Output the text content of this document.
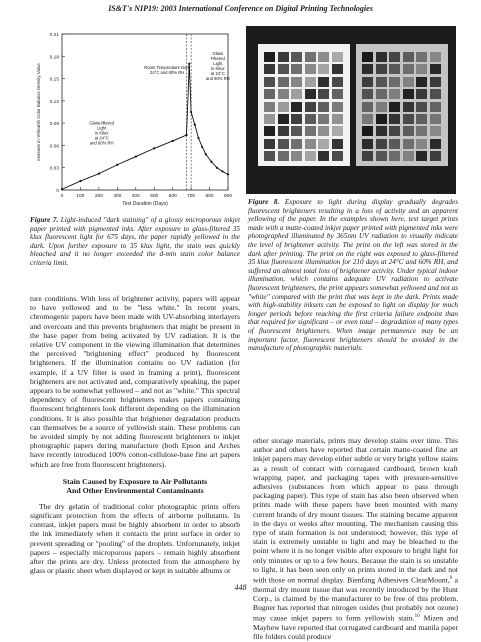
IS&T's NIP19: 2003 International Conference on Digital Printing Technologies
0
0.03
0.06
0.09
0.12
0.15
0.18
0.21
0	100 200 300 400 500 600 700 800 900
Test Duration (Days)
Increase in Yellowish Color Balance Density Value	Glass-filtered Light in Kilux at 24°C and 60% RH
Room Temperature Dark 24°C and 60% RH
Glass Filtered Light in Kilux at 24°C and 60% RH
Figure 7. Light-induced "dark staining" of a glossy microporous inkjet paper printed with pigmented inks. After exposure to glass-filtered 35 klux fluorescent light for 675 days, the paper rapidly yellowed in the dark. Upon further exposure to 35 klux light, the stain was quickly bleached and it no longer exceeded the d-min stain color balance criteria limit.
Figure 8. Exposure to light during display gradually degrades fluorescent brighteners resulting in a loss of activity and an apparent yellowing of the paper. In the examples shown here, test target prints made with a matte-coated inkjet paper printed with pigmented inks were photographed illuminated by 365nm UV radiation to visually indicate the level of brightener activity. The print on the left was stored in the dark after printing. The print on the right was exposed to glass-filtered 35 klux fluorescent illumination for 210 days at 24°C and 60% RH, and suffered an almost total loss of brightener activity. Under typical indoor illumination, which contains adequate UV radiation to activate fluorescent brighteners, the print appears somewhat yellowed and not as "white" compared with the print that was kept in the dark. Prints made with high-stability inksets can be exposed to light on display for much longer periods before reaching the first criteria failure endpoint than that required for significant – or even total – degradation of many types of fluorescent brighteners. When image permanence may be an important factor, fluorescent brighteners should be avoided in the manufacture of photographic materials.

ture conditions. With loss of brightener activity, papers will appear to have yellowed and to be "less white." In recent years, chromogenic papers have been made with UV-absorbing interlayers and overcoats and this prevents brighteners that might be present in the base paper from being activated by UV radiation. It is the relative UV component in the viewing illumination that determines the perceived "brightening effect" produced by fluorescent brighteners. If the illumination contains no UV radiation (for example, if a UV filter is used in framing a print), fluorescent brighteners are not activated and, comparatively speaking, the paper appears to be somewhat yellowed – and not as "white." This spectral dependency of fluorescent brighteners makes papers containing fluorescent brighteners look different depending on the illumination conditions. It is also possible that brightener degradation products can themselves be a source of yellowish stain. These problems can be avoided simply by not adding fluorescent brighteners to inkjet photographic papers during manufacture (both Epson and Arches have recently introduced 100% cotton-cellulose-base fine art papers which are free from fluorescent brighteners).

Stain Caused by Exposure to Air Pollutants
And Other Environmental Contaminants

The dry gelatin of traditional color photographic prints offers significant protection from the effects of airborne pollutants. In contrast, inkjet papers must be highly absorbent in order to absorb the ink immediately when it contacts the print surface in order to prevent spreading or "pooling" of the droplets. Unfortunately, inkjet papers – especially microporous papers – remain highly absorbent after the prints are dry. Unless protected from the atmosphere by glass or plastic sheet when displayed or kept in suitable albums or

other storage materials, prints may develop stains over time. This author and others have reported that certain matte-coated fine art inkjet papers may develop either subtle or very bright yellow stains as a result of contact with corrugated cardboard, brown kraft wrapping paper, and packaging tapes with pressure-sensitive adhesives (substances from which appear to pass through packaging paper). This type of stain has also been observed when prints made with these papers have been mounted with many current brands of dry mount tissues. The staining became apparent in the days or weeks after mounting. The mechanism causing this type of stain formation is not understood; however, this type of stain is extremely unstable to light and may be bleached to the point where it is no longer visible after exposure to bright light for only minutes or up to a few hours. Because the stain is so unstable to light, it has been seen only on prints stored in the dark and not with those on normal display. Bienfang Adhesives ClearMount,$^9$ a thermal dry mount tissue that was recently introduced by the Hunt Corp., is claimed by the manufacturer to be free of this problem. Bugner has reported that nitrogen oxides (but probably not ozone) may cause inkjet papers to form yellowish stain.$^{10}$ Mizen and Mayhew have reported that corrugated cardboard and manila paper file folders could produce

448
